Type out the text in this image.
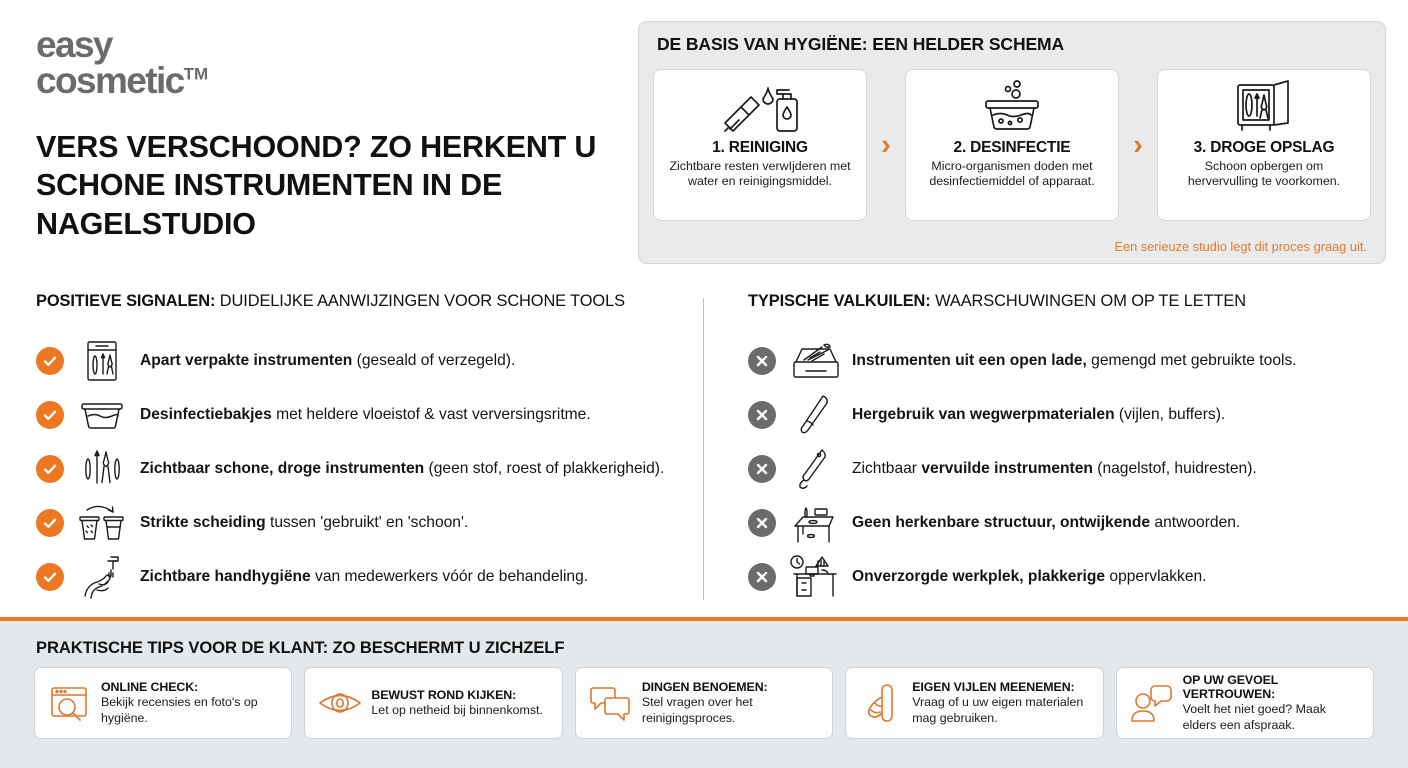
easy
cosmetic™
VERS VERSCHOOND? ZO HERKENT U SCHONE INSTRUMENTEN IN DE NAGELSTUDIO
DE BASIS VAN HYGIËNE: EEN HELDER SCHEMA
1. REINIGING
Zichtbare resten verwIjderen met water en reinigingsmiddel.
›	2. DESINFECTIE
Micro-organismen doden met desinfectiemiddel of apparaat.
›	3. DROGE OPSLAG
Schoon opbergen om hervervulling te voorkomen.
Een serieuze studio legt dit proces graag uit.
POSITIEVE SIGNALEN: DUIDELIJKE AANWIJZINGEN VOOR SCHONE TOOLS
Apart verpakte instrumenten (geseald of verzegeld).
Desinfectiebakjes met heldere vloeistof & vast verversingsritme.
Zichtbaar schone, droge instrumenten (geen stof, roest of plakkerigheid).
Strikte scheiding tussen 'gebruikt' en 'schoon'.
Zichtbare handhygiëne van medewerkers vóór de behandeling.
TYPISCHE VALKUILEN: WAARSCHUWINGEN OM OP TE LETTEN
Instrumenten uit een open lade, gemengd met gebruikte tools.
Hergebruik van wegwerpmaterialen (vijlen, buffers).
Zichtbaar vervuilde instrumenten (nagelstof, huidresten).
Geen herkenbare structuur, ontwijkende antwoorden.
Onverzorgde werkplek, plakkerige oppervlakken.
PRAKTISCHE TIPS VOOR DE KLANT: ZO BESCHERMT U ZICHZELF
ONLINE CHECK:
Bekijk recensies en foto's op hygiëne.
BEWUST ROND KIJKEN:
Let op netheid bij binnenkomst.
DINGEN BENOEMEN:
Stel vragen over het reinigingsproces.
EIGEN VIJLEN MEENEMEN:
Vraag of u uw eigen materialen mag gebruiken.
OP UW GEVOEL VERTROUWEN:
Voelt het niet goed? Maak elders een afspraak.
